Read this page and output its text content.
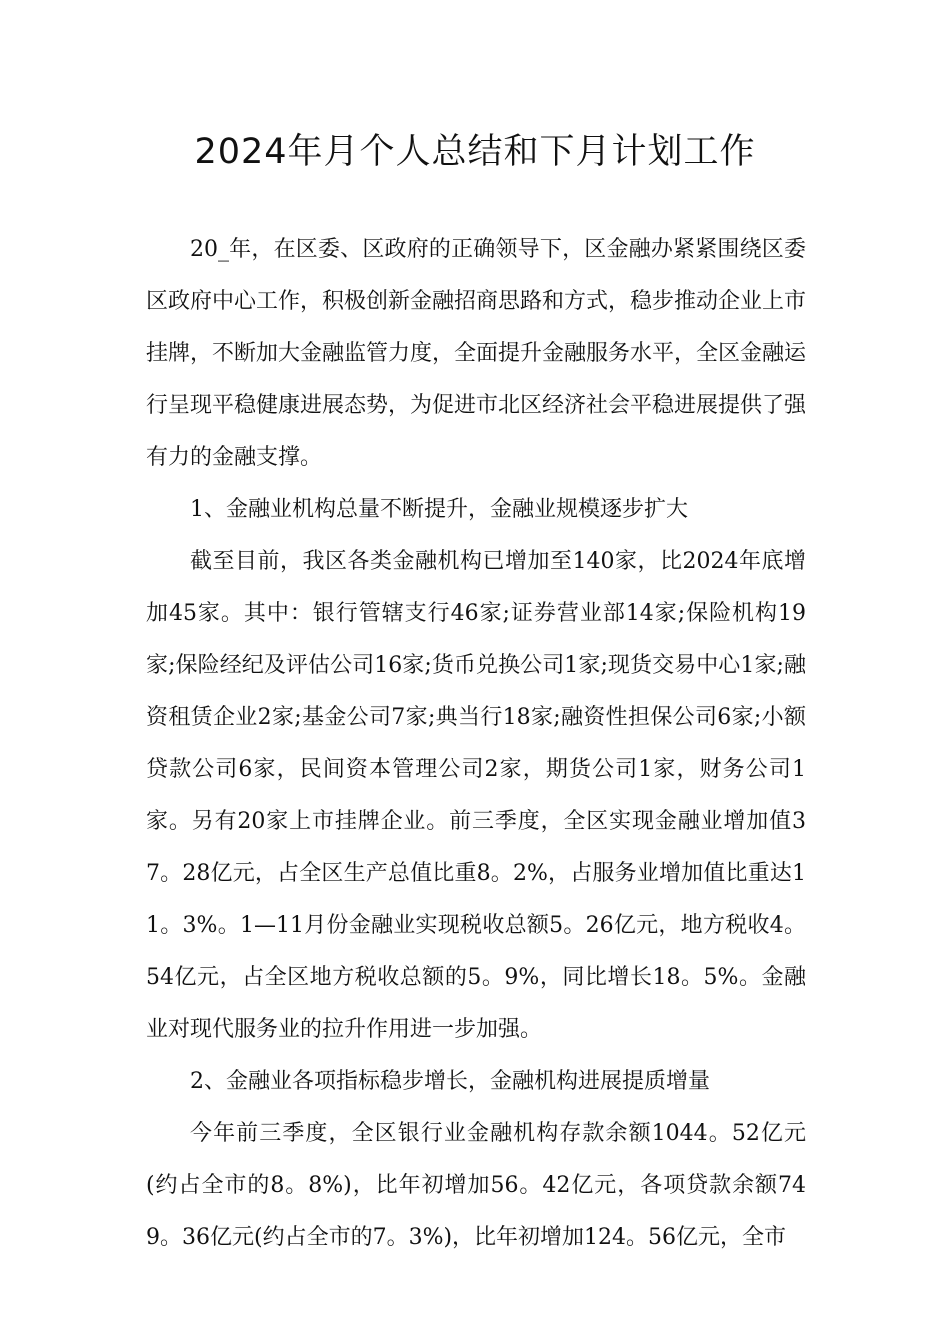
2024年月个人总结和下月计划工作

20_年，在区委、区政府的正确领导下，区金融办紧紧围绕区委区政府中心工作，积极创新金融招商思路和方式，稳步推动企业上市挂牌，不断加大金融监管力度，全面提升金融服务水平，全区金融运行呈现平稳健康进展态势，为促进市北区经济社会平稳进展提供了强有力的金融支撑。

1、金融业机构总量不断提升，金融业规模逐步扩大

截至目前，我区各类金融机构已增加至140家，比2024年底增加45家。其中：银行管辖支行46家;证券营业部14家;保险机构19家;保险经纪及评估公司16家;货币兑换公司1家;现货交易中心1家;融资租赁企业2家;基金公司7家;典当行18家;融资性担保公司6家;小额贷款公司6家，民间资本管理公司2家，期货公司1家，财务公司1家。另有20家上市挂牌企业。前三季度，全区实现金融业增加值37。28亿元，占全区生产总值比重8。2%，占服务业增加值比重达11。3%。1—11月份金融业实现税收总额5。26亿元，地方税收4。54亿元，占全区地方税收总额的5。9%，同比增长18。5%。金融业对现代服务业的拉升作用进一步加强。

2、金融业各项指标稳步增长，金融机构进展提质增量

今年前三季度，全区银行业金融机构存款余额1044。52亿元(约占全市的8。8%)，比年初增加56。42亿元，各项贷款余额749。36亿元(约占全市的7。3%)，比年初增加124。56亿元，全市
